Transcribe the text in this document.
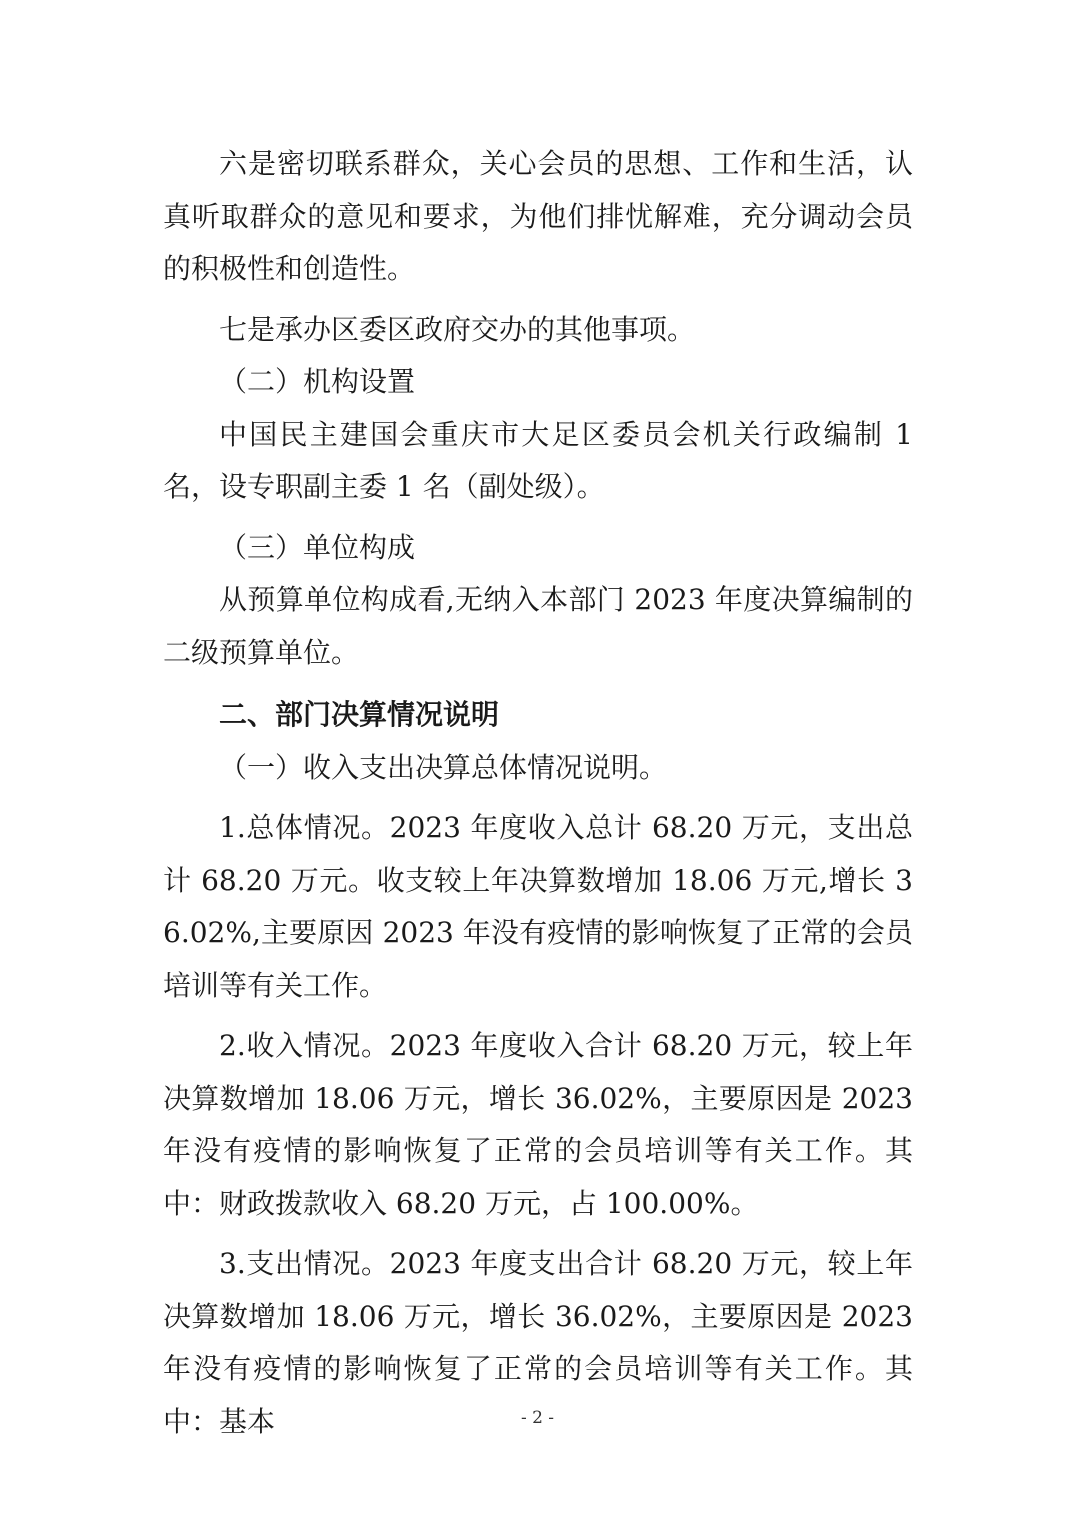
六是密切联系群众，关心会员的思想、工作和生活，认真听取群众的意见和要求，为他们排忧解难，充分调动会员的积极性和创造性。

七是承办区委区政府交办的其他事项。

（二）机构设置

中国民主建国会重庆市大足区委员会机关行政编制 1 名，设专职副主委 1 名（副处级）。

（三）单位构成

从预算单位构成看,无纳入本部门 2023 年度决算编制的二级预算单位。

二、部门决算情况说明

（一）收入支出决算总体情况说明。

1.总体情况。2023 年度收入总计 68.20 万元，支出总计 68.20 万元。收支较上年决算数增加 18.06 万元,增长 36.02%,主要原因 2023 年没有疫情的影响恢复了正常的会员培训等有关工作。

2.收入情况。2023 年度收入合计 68.20 万元，较上年决算数增加 18.06 万元，增长 36.02%，主要原因是 2023 年没有疫情的影响恢复了正常的会员培训等有关工作。其中：财政拨款收入 68.20 万元，占 100.00%。

3.支出情况。2023 年度支出合计 68.20 万元，较上年决算数增加 18.06 万元，增长 36.02%，主要原因是 2023 年没有疫情的影响恢复了正常的会员培训等有关工作。其中：基本	- 2 -
